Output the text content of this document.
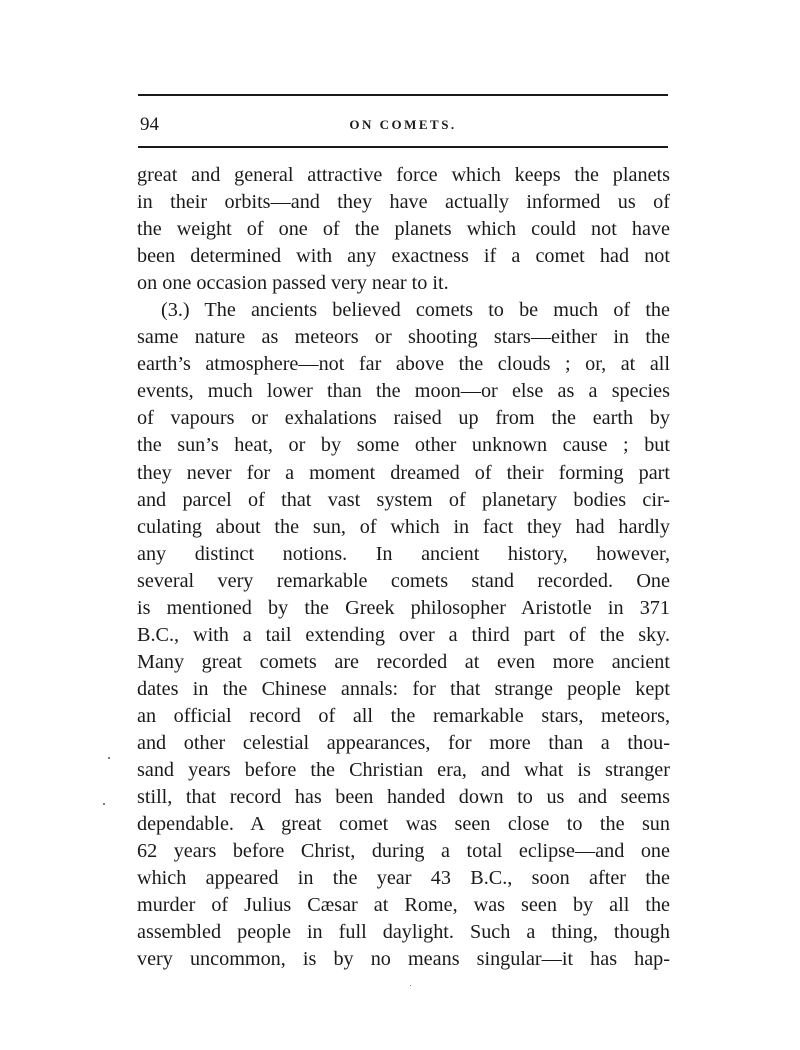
94	ON COMETS.
great and general attractive force which keeps the planets
in their orbits—and they have actually informed us of
the weight of one of the planets which could not have
been determined with any exactness if a comet had not
on one occasion passed very near to it.
(3.) The ancients believed comets to be much of the
same nature as meteors or shooting stars—either in the
earth’s atmosphere—not far above the clouds ; or, at all
events, much lower than the moon—or else as a species
of vapours or exhalations raised up from the earth by
the sun’s heat, or by some other unknown cause ; but
they never for a moment dreamed of their forming part
and parcel of that vast system of planetary bodies cir-
culating about the sun, of which in fact they had hardly
any distinct notions. In ancient history, however,
several very remarkable comets stand recorded. One
is mentioned by the Greek philosopher Aristotle in 371
B.C., with a tail extending over a third part of the sky.
Many great comets are recorded at even more ancient
dates in the Chinese annals: for that strange people kept
an official record of all the remarkable stars, meteors,
and other celestial appearances, for more than a thou-
sand years before the Christian era, and what is stranger
still, that record has been handed down to us and seems
dependable. A great comet was seen close to the sun
62 years before Christ, during a total eclipse—and one
which appeared in the year 43 B.C., soon after the
murder of Julius Cæsar at Rome, was seen by all the
assembled people in full daylight. Such a thing, though
very uncommon, is by no means singular—it has hap-
